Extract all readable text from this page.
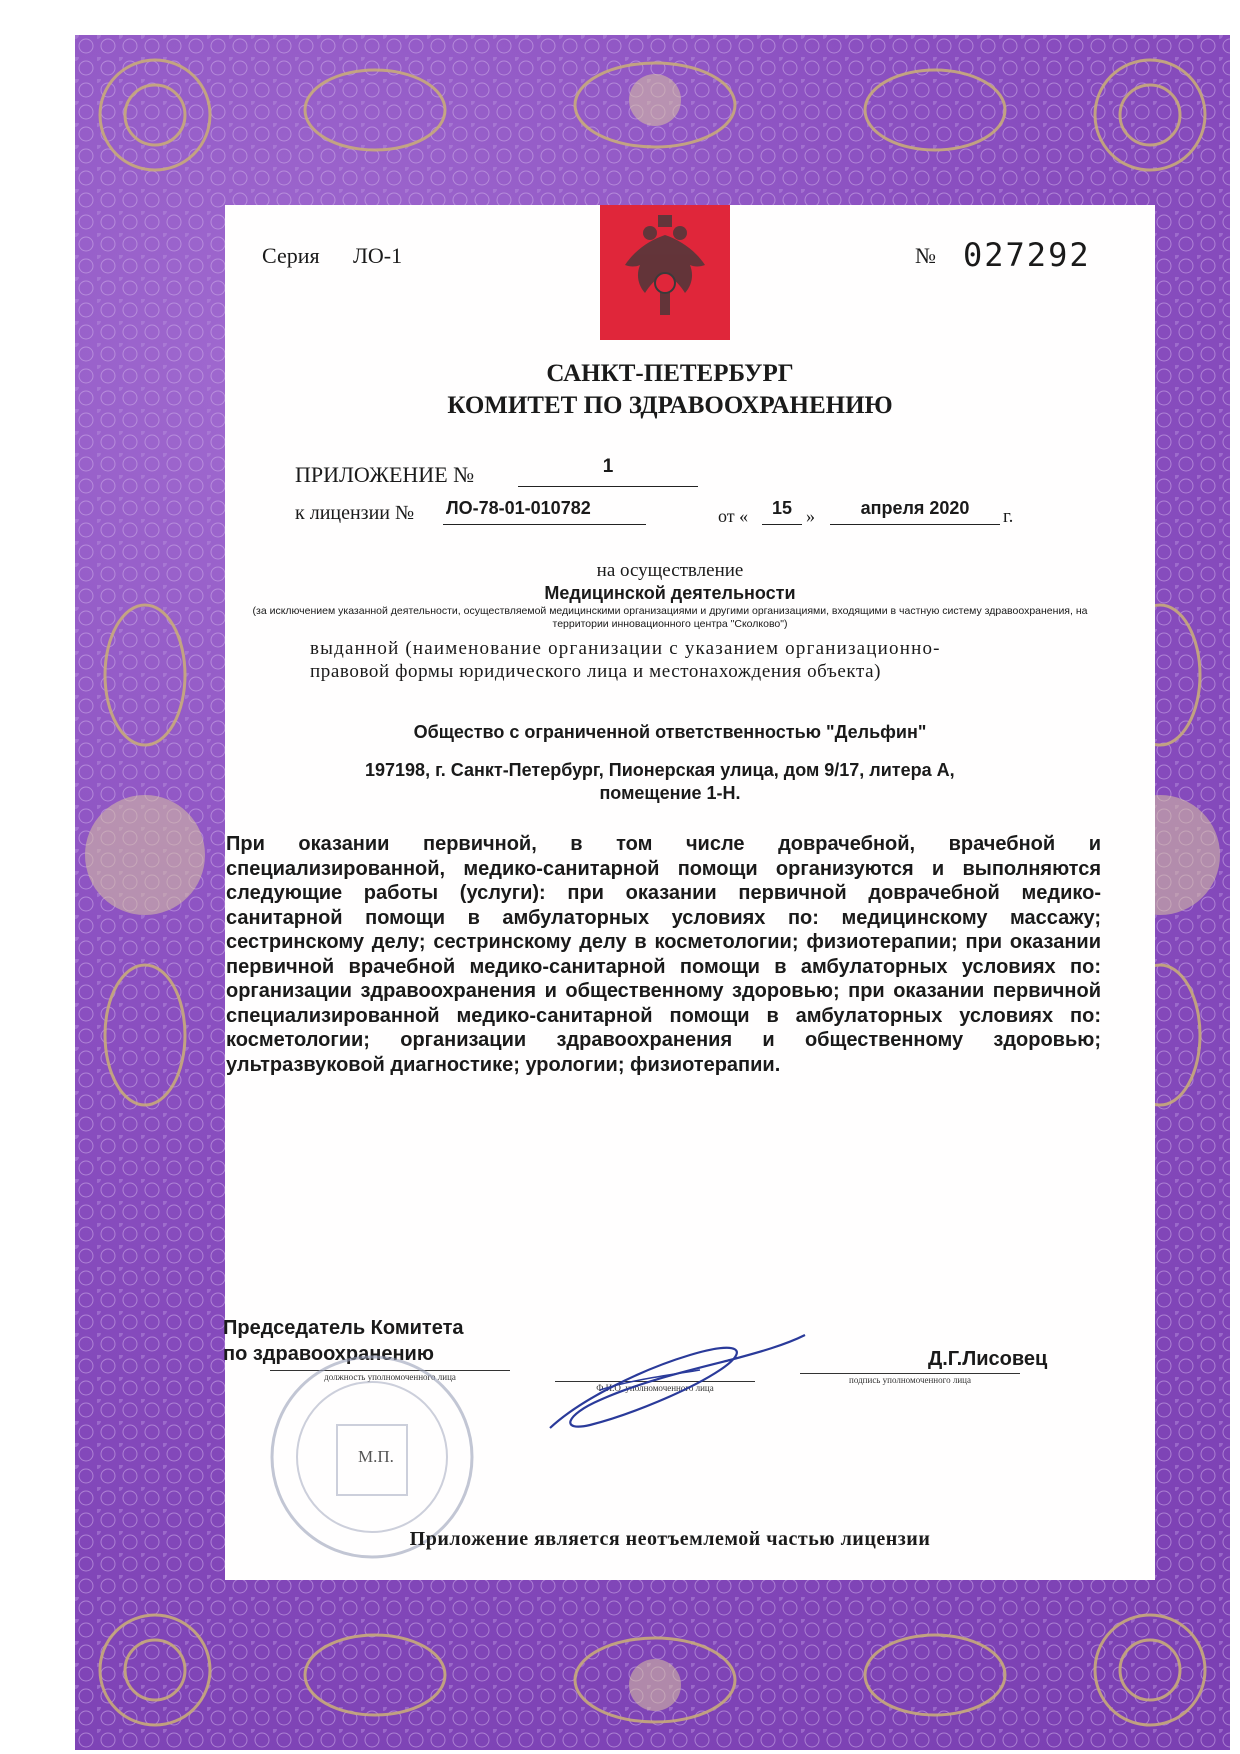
Серия ЛО-1	№ 027292
САНКТ-ПЕТЕРБУРГ
КОМИТЕТ ПО ЗДРАВООХРАНЕНИЮ
ПРИЛОЖЕНИЕ №	1
к лицензии № ЛО-78-01-010782	от «	15 »	апреля 2020	г.
на осуществление
Медицинской деятельности
(за исключением указанной деятельности, осуществляемой медицинскими организациями и другими организациями, входящими в частную систему здравоохранения, на территории инновационного центра "Сколково")
выданной (наименование организации с указанием организационно-
правовой формы юридического лица и местонахождения объекта)
Общество с ограниченной ответственностью "Дельфин"
197198, г. Санкт-Петербург, Пионерская улица, дом 9/17, литера А,
помещение 1-Н.
При оказании первичной, в том числе доврачебной, врачебной и специализированной, медико-санитарной помощи организуются и выполняются следующие работы (услуги): при оказании первичной доврачебной медико-санитарной помощи в амбулаторных условиях по: медицинскому массажу; сестринскому делу; сестринскому делу в косметологии; физиотерапии; при оказании первичной врачебной медико-санитарной помощи в амбулаторных условиях по: организации здравоохранения и общественному здоровью; при оказании первичной специализированной медико-санитарной помощи в амбулаторных условиях по: косметологии; организации здравоохранения и общественному здоровью; ультразвуковой диагностике; урологии; физиотерапии.
Председатель Комитета
по здравоохранению
должность уполномоченного лица
Ф.И.О. уполномоченного лица
Д.Г.Лисовец
подпись уполномоченного лица
М.П.
Приложение является неотъемлемой частью лицензии
